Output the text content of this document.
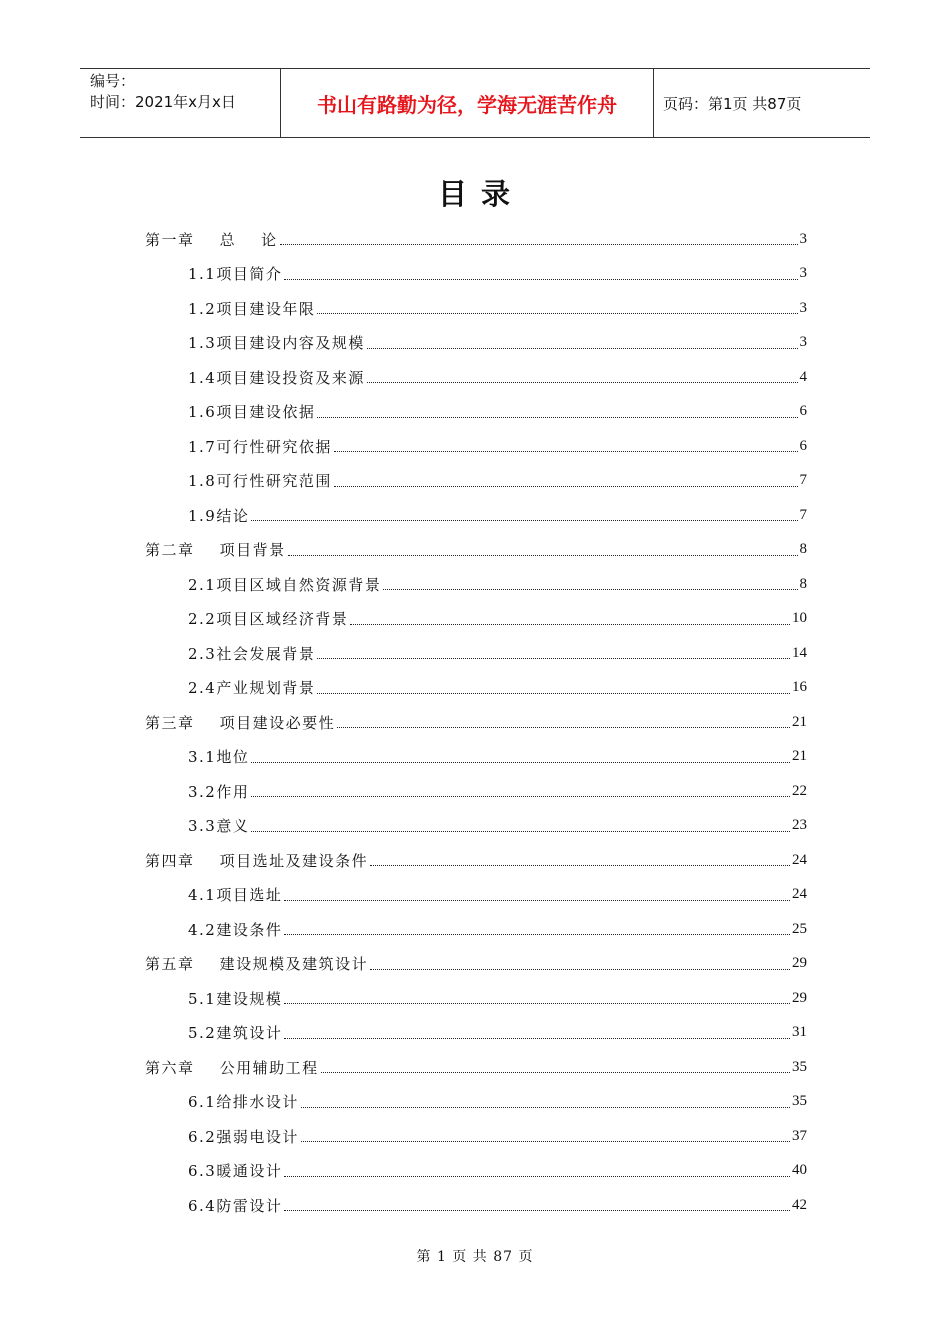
编号：
时间：2021年x月x日	书山有路勤为径，学海无涯苦作舟	页码：第1页 共87页
目 录
第一章    总    论	3
1.1项目简介	3
1.2项目建设年限	3
1.3项目建设内容及规模	3
1.4项目建设投资及来源	4
1.6项目建设依据	6
1.7可行性研究依据	6
1.8可行性研究范围	7
1.9结论	7
第二章    项目背景	8
2.1项目区域自然资源背景	8
2.2项目区域经济背景	10
2.3社会发展背景	14
2.4产业规划背景	16
第三章    项目建设必要性	21
3.1地位	21
3.2作用	22
3.3意义	23
第四章    项目选址及建设条件	24
4.1项目选址	24
4.2建设条件	25
第五章    建设规模及建筑设计	29
5.1建设规模	29
5.2建筑设计	31
第六章    公用辅助工程	35
6.1给排水设计	35
6.2强弱电设计	37
6.3暖通设计	40
6.4防雷设计	42
第 1 页 共 87 页
